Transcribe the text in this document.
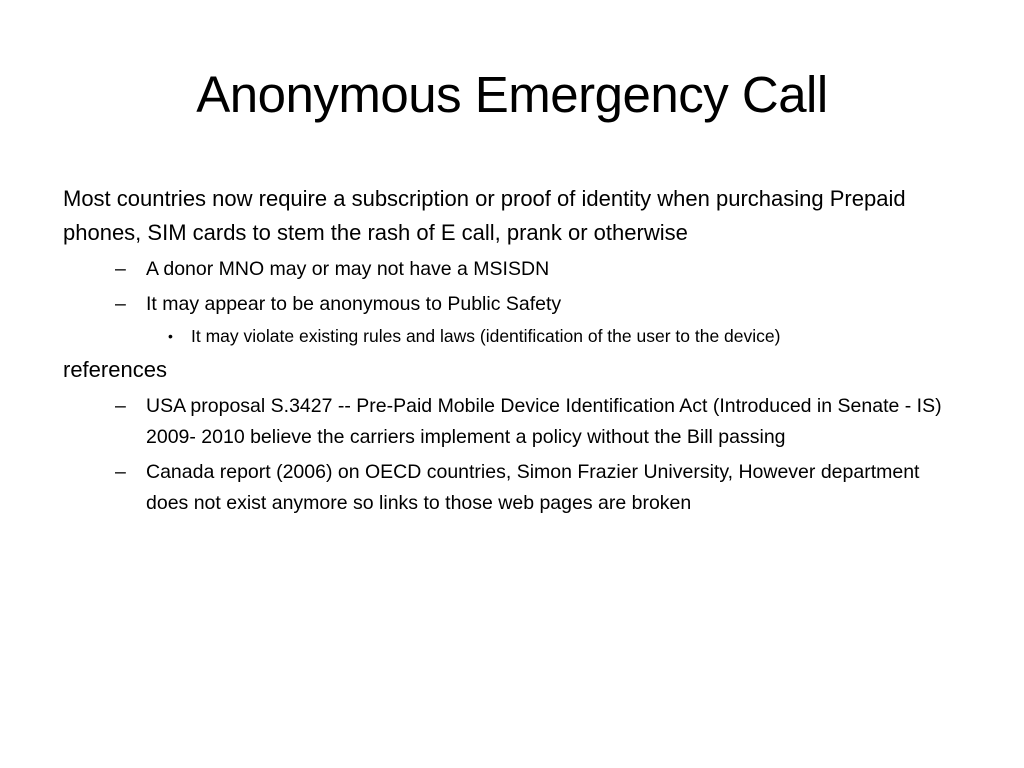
Anonymous Emergency Call

Most countries now require a subscription or proof of identity when purchasing Prepaid phones, SIM cards to stem the rash of E call, prank or otherwise

– A donor MNO may or may not have a MSISDN

– It may appear to be anonymous to Public Safety

• It may violate existing rules and laws (identification of the user to the device)

references

– USA proposal S.3427 -- Pre-Paid Mobile Device Identification Act (Introduced in Senate - IS) 2009- 2010 believe the carriers implement a policy without the Bill passing

– Canada report (2006) on OECD countries, Simon Frazier University, However department does not exist anymore so links to those web pages are broken
